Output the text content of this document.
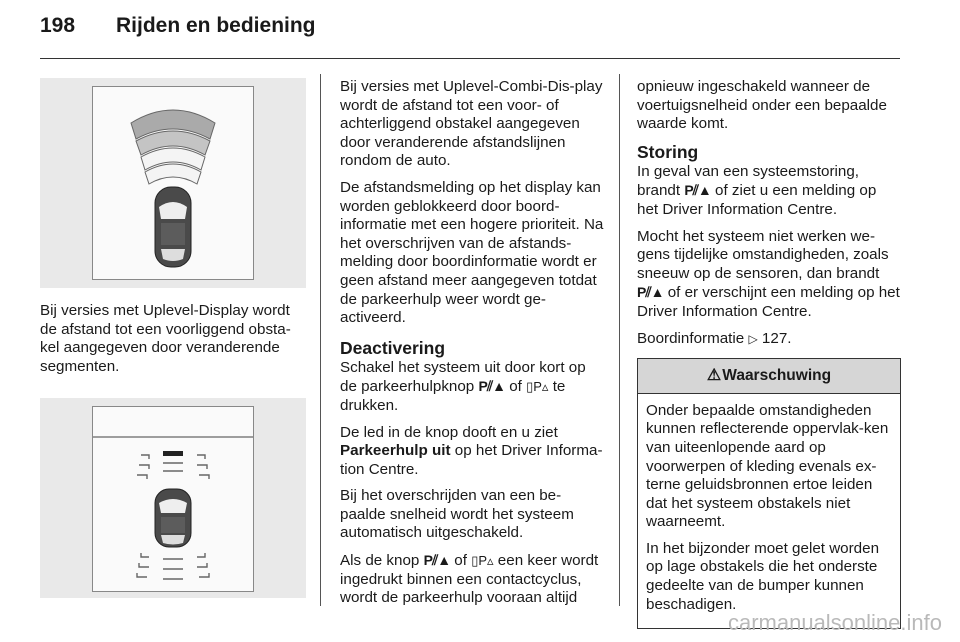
198	Rijden en bediening

Bij versies met Uplevel-Display wordt de afstand tot een voorliggend obsta-kel aangegeven door veranderende segmenten.

Bij versies met Uplevel-Combi-Dis-play wordt de afstand tot een voor- of achterliggend obstakel aangegeven door veranderende afstandslijnen rondom de auto.

De afstandsmelding op het display kan worden geblokkeerd door boord-informatie met een hogere prioriteit. Na het overschrijven van de afstands-melding door boordinformatie wordt er geen afstand meer aangegeven totdat de parkeerhulp weer wordt ge-activeerd.

Deactivering

Schakel het systeem uit door kort op de parkeerhulpknop P⫽▲ of ▯P▵ te drukken.

De led in de knop dooft en u ziet Parkeerhulp uit op het Driver Informa-tion Centre.

Bij het overschrijden van een be-paalde snelheid wordt het systeem automatisch uitgeschakeld.

Als de knop P⫽▲ of ▯P▵ een keer wordt ingedrukt binnen een contactcyclus, wordt de parkeerhulp vooraan altijd

opnieuw ingeschakeld wanneer de voertuigsnelheid onder een bepaalde waarde komt.

Storing

In geval van een systeemstoring, brandt P⫽▲ of ziet u een melding op het Driver Information Centre.

Mocht het systeem niet werken we-gens tijdelijke omstandigheden, zoals sneeuw op de sensoren, dan brandt P⫽▲ of er verschijnt een melding op het Driver Information Centre.

Boordinformatie ▷ 127.

⚠Waarschuwing

Onder bepaalde omstandigheden kunnen reflecterende oppervlak-ken van uiteenlopende aard op voorwerpen of kleding evenals ex-terne geluidsbronnen ertoe leiden dat het systeem obstakels niet waarneemt.

In het bijzonder moet gelet worden op lage obstakels die het onderste gedeelte van de bumper kunnen beschadigen.

carmanualsonline.info
